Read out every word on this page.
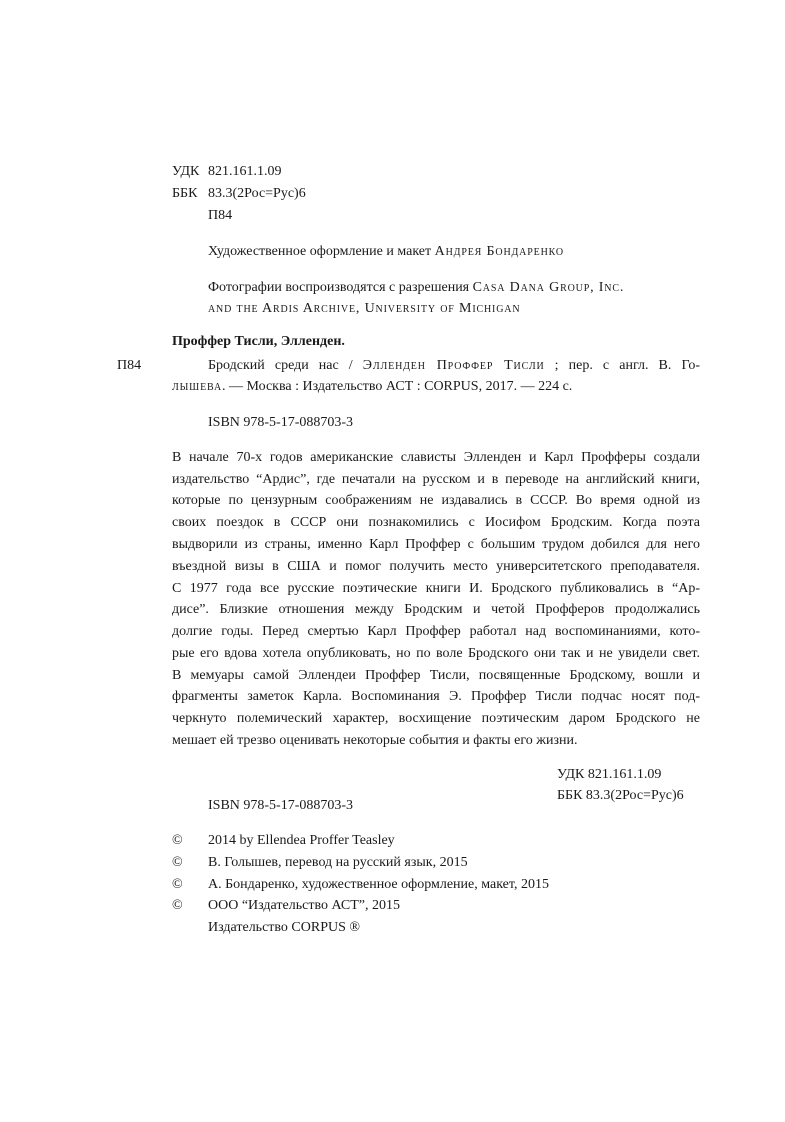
УДК 821.161.1.09
ББК 83.3(2Рос=Рус)6
П84
Художественное оформление и макет Андрея Бондаренко
Фотографии воспроизводятся с разрешения Casa Dana Group, Inc.
and the Ardis Archive, University of Michigan
Проффер Тисли, Элленден.
П84	Бродский среди нас / Элленден Проффер Тисли ; пер. с англ. В. Го-
лышева. — Москва : Издательство АСТ : CORPUS, 2017. — 224 с.
ISBN 978-5-17-088703-3
В начале 70-х годов американские слависты Элленден и Карл Профферы создали
издательство “Ардис”, где печатали на русском и в переводе на английский книги,
которые по цензурным соображениям не издавались в СССР. Во время одной из
своих поездок в СССР они познакомились с Иосифом Бродским. Когда поэта
выдворили из страны, именно Карл Проффер с большим трудом добился для него
въездной визы в США и помог получить место университетского преподавателя.
С 1977 года все русские поэтические книги И. Бродского публиковались в “Ар-
дисе”. Близкие отношения между Бродским и четой Профферов продолжались
долгие годы. Перед смертью Карл Проффер работал над воспоминаниями, кото-
рые его вдова хотела опубликовать, но по воле Бродского они так и не увидели свет.
В мемуары самой Эллендеи Проффер Тисли, посвященные Бродскому, вошли и
фрагменты заметок Карла. Воспоминания Э. Проффер Тисли подчас носят под-
черкнуто полемический характер, восхищение поэтическим даром Бродского не
мешает ей трезво оценивать некоторые события и факты его жизни.
УДК 821.161.1.09
ББК 83.3(2Рос=Рус)6
ISBN 978-5-17-088703-3
© 2014 by Ellendea Proffer Teasley
© В. Голышев, перевод на русский язык, 2015
© А. Бондаренко, художественное оформление, макет, 2015
© ООО “Издательство АСТ”, 2015
Издательство CORPUS ®
